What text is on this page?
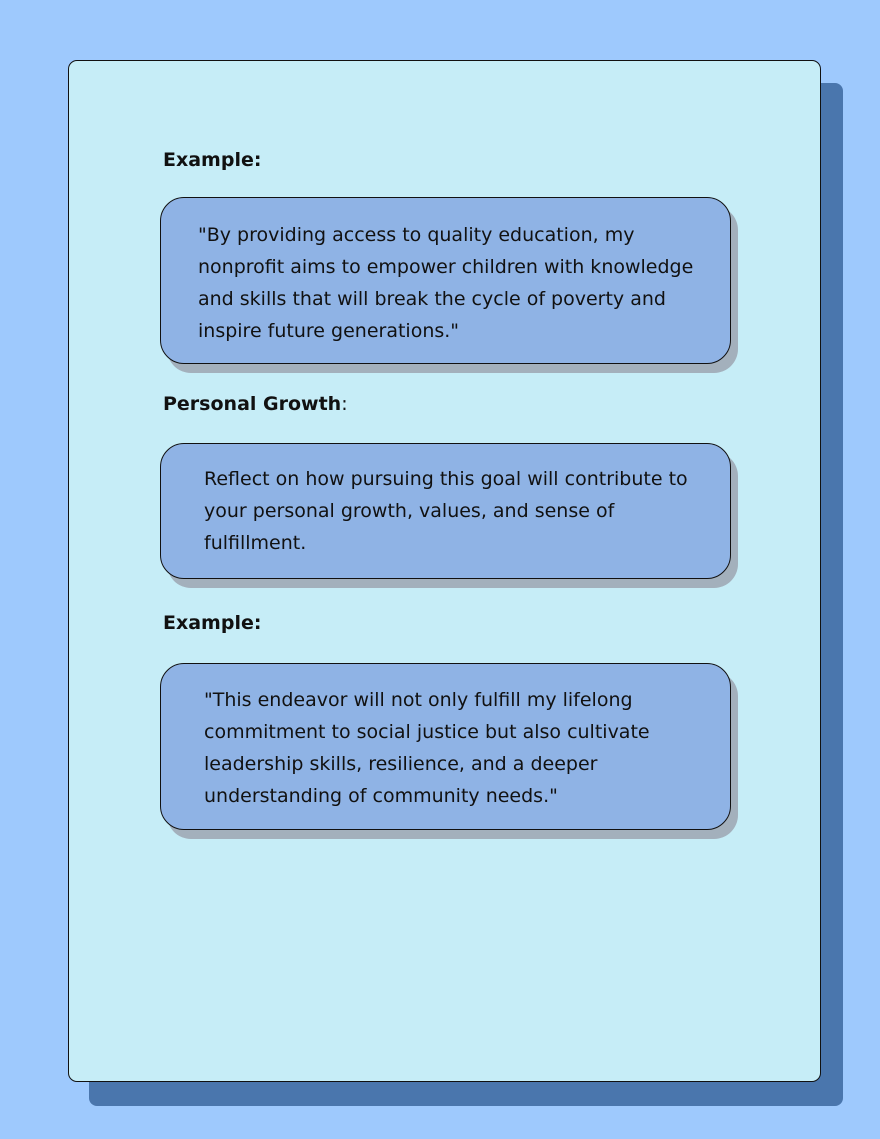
Example:

"By providing access to quality education, my
nonprofit aims to empower children with knowledge
and skills that will break the cycle of poverty and
inspire future generations."

Personal Growth:

Reflect on how pursuing this goal will contribute to
your personal growth, values, and sense of
fulfillment.

Example:

"This endeavor will not only fulfill my lifelong
commitment to social justice but also cultivate
leadership skills, resilience, and a deeper
understanding of community needs."
